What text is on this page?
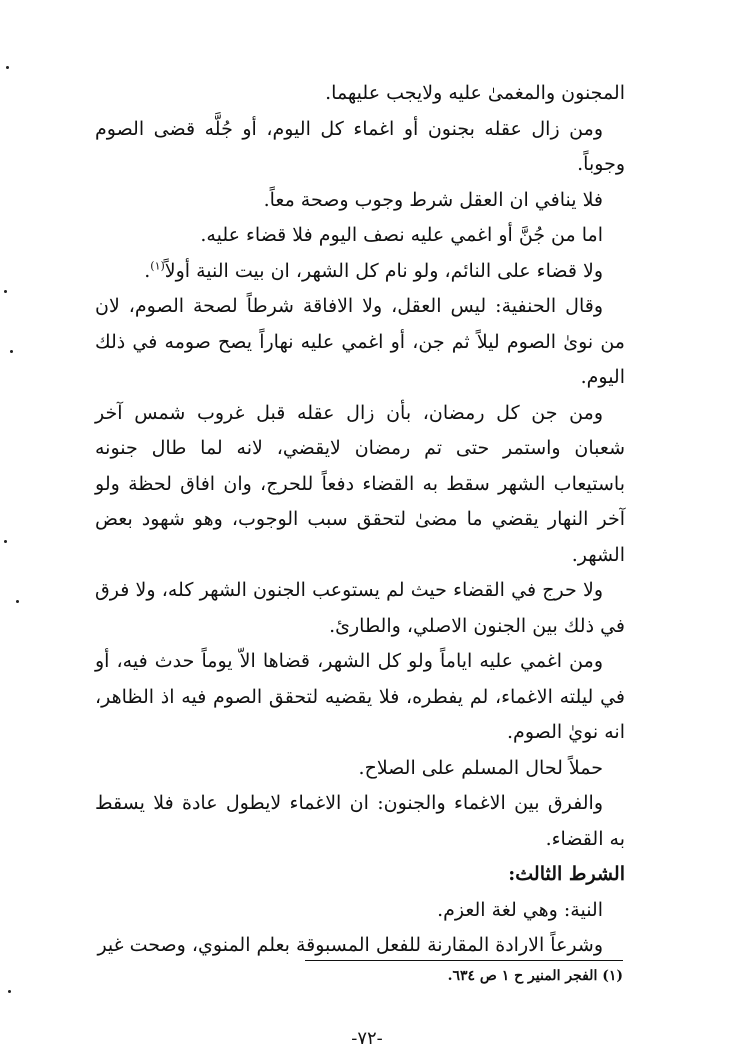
المجنون والمغمىٰ عليه ولايجب عليهما.

ومن زال عقله بجنون أو اغماء كل اليوم، أو جُلَّه قضى الصوم وجوباً.

فلا ينافي ان العقل شرط وجوب وصحة معاً.

اما من جُنَّ أو اغمي عليه نصف اليوم فلا قضاء عليه.

ولا قضاء على النائم، ولو نام كل الشهر، ان بيت النية أولاً$^{(١)}$.

وقال الحنفية: ليس العقل، ولا الافاقة شرطاً لصحة الصوم، لان من نوىٰ الصوم ليلاً ثم جن، أو اغمي عليه نهاراً يصح صومه في ذلك اليوم.

ومن جن كل رمضان، بأن زال عقله قبل غروب شمس آخر شعبان واستمر حتى تم رمضان لايقضي، لانه لما طال جنونه باستيعاب الشهر سقط به القضاء دفعاً للحرج، وان افاق لحظة ولو آخر النهار يقضي ما مضىٰ لتحقق سبب الوجوب، وهو شهود بعض الشهر.

ولا حرج في القضاء حيث لم يستوعب الجنون الشهر كله، ولا فرق في ذلك بين الجنون الاصلي، والطارئ.

ومن اغمي عليه اياماً ولو كل الشهر، قضاها الاّ يوماً حدث فيه، أو في ليلته الاغماء، لم يفطره، فلا يقضيه لتحقق الصوم فيه اذ الظاهر، انه نويٰ الصوم.

حملاً لحال المسلم على الصلاح.

والفرق بين الاغماء والجنون: ان الاغماء لايطول عادة فلا يسقط به القضاء.

الشرط الثالث:

النية: وهي لغة العزم.

وشرعاً الارادة المقارنة للفعل المسبوقة بعلم المنوي، وصحت غير

(١) الفجر المنير ح ١ ص ٦٣٤.
-٧٢-
